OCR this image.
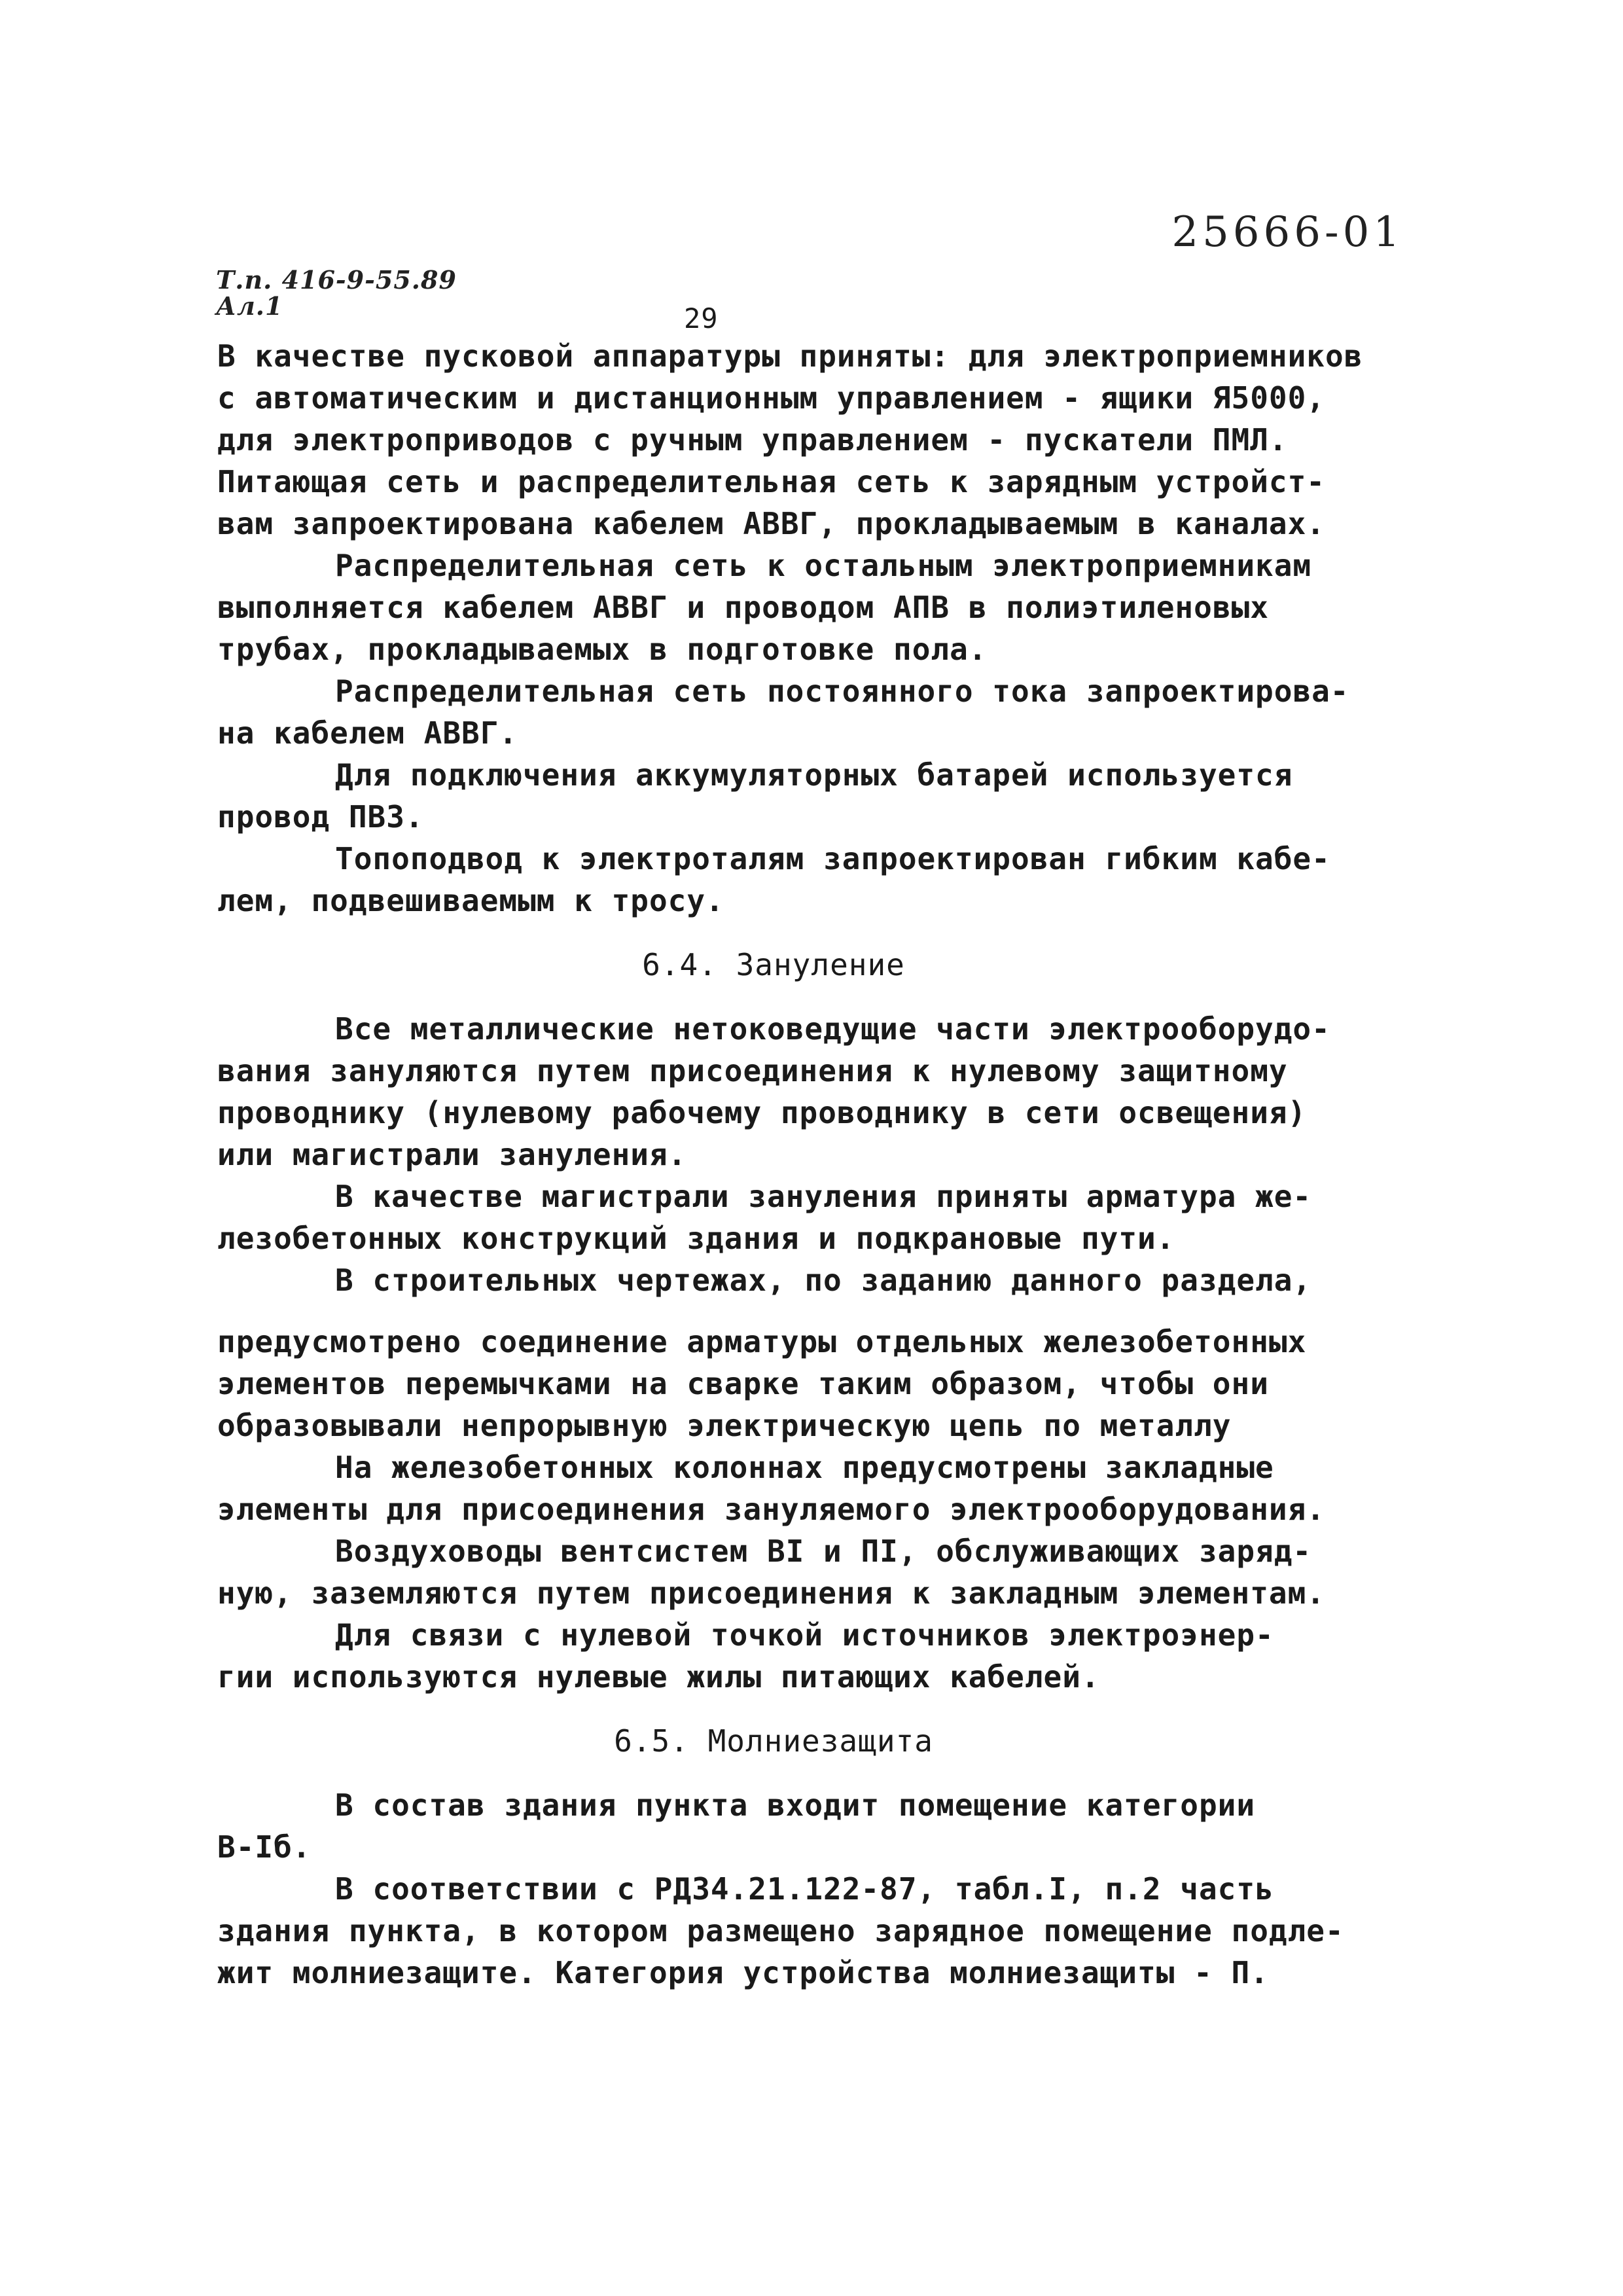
25666-01
Т.п. 416-9-55.89
Ал.1	29
В качестве пусковой аппаратуры приняты: для электроприемников
с автоматическим и дистанционным управлением - ящики Я5000,
для электроприводов с ручным управлением - пускатели ПМЛ.
Питающая сеть и распределительная сеть к зарядным устройст-
вам запроектирована кабелем АВВГ, прокладываемым в каналах.
Распределительная сеть к остальным электроприемникам
выполняется кабелем АВВГ и проводом АПВ в полиэтиленовых
трубах, прокладываемых в подготовке пола.
Распределительная сеть постоянного тока запроектирова-
на кабелем АВВГ.
Для подключения аккумуляторных батарей используется
провод ПВЗ.
Топоподвод к электроталям запроектирован гибким кабе-
лем, подвешиваемым к тросу.
6.4. Зануление
Все металлические нетоковедущие части электрооборудо-
вания зануляются путем присоединения к нулевому защитному
проводнику (нулевому рабочему проводнику в сети освещения)
или магистрали зануления.
В качестве магистрали зануления приняты арматура же-
лезобетонных конструкций здания и подкрановые пути.
В строительных чертежах, по заданию данного раздела,
предусмотрено соединение арматуры отдельных железобетонных
элементов перемычками на сварке таким образом, чтобы они
образовывали непрорывную электрическую цепь по металлу
На железобетонных колоннах предусмотрены закладные
элементы для присоединения зануляемого электрооборудования.
Воздуховоды вентсистем ВI и ПI, обслуживающих заряд-
ную, заземляются путем присоединения к закладным элементам.
Для связи с нулевой точкой источников электроэнер-
гии используются нулевые жилы питающих кабелей.
6.5. Молниезащита
В состав здания пункта входит помещение категории
В-Iб.
В соответствии с РД34.21.122-87, табл.I, п.2 часть
здания пункта, в котором размещено зарядное помещение подле-
жит молниезащите. Категория устройства молниезащиты - П.
